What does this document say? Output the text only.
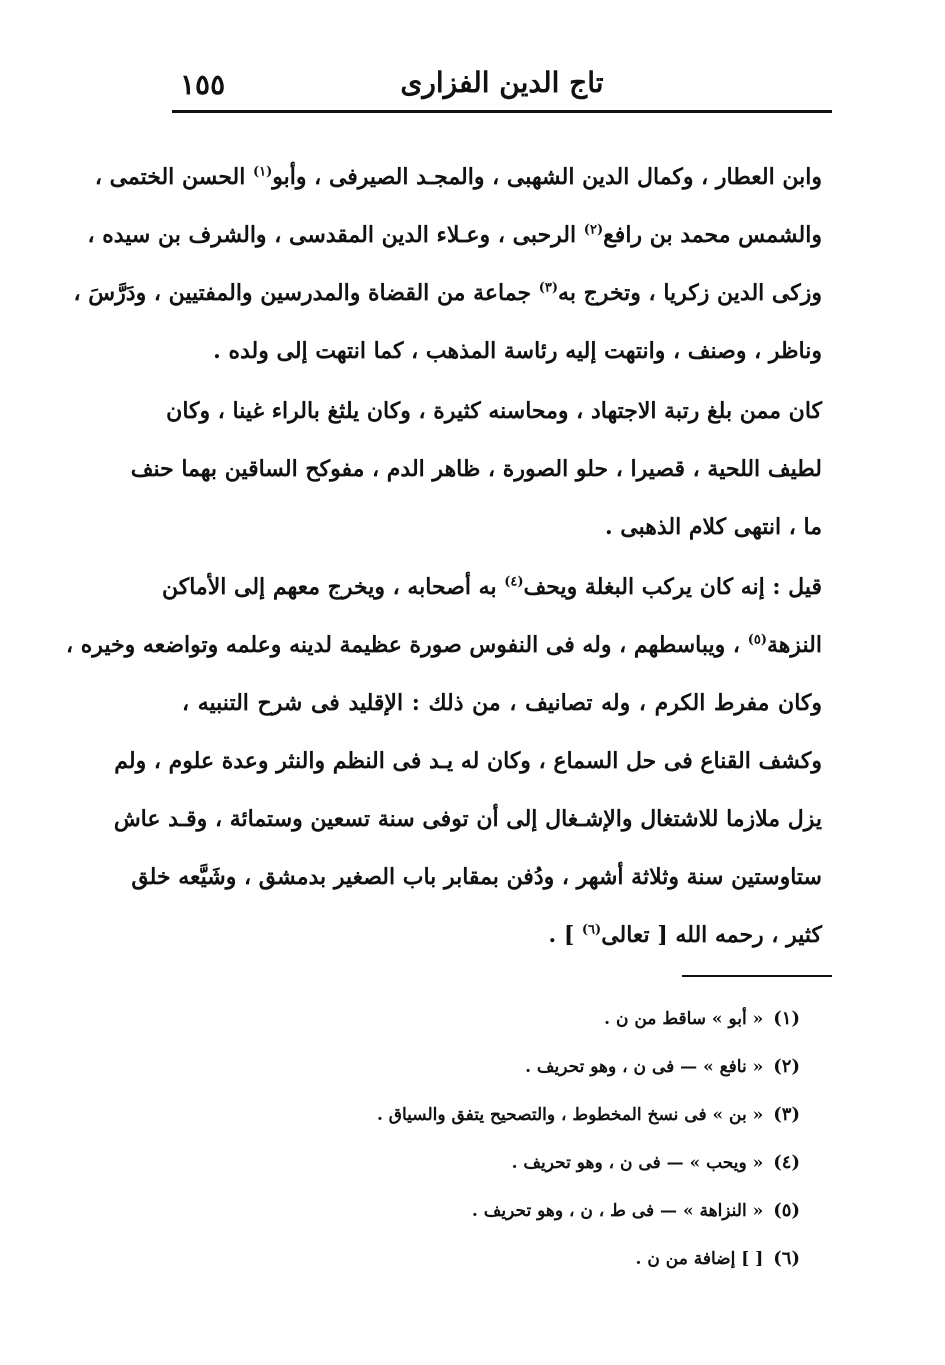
١٥٥	تاج الدين الفزارى
وابن العطار ، وكمال الدين الشهبى ، والمجـد الصيرفى ، وأبو$^{(١)}$ الحسن الختمى ،
والشمس محمد بن رافع$^{(٢)}$ الرحبى ، وعـلاء الدين المقدسى ، والشرف بن سيده ،
وزكى الدين زكريا ، وتخرج به$^{(٣)}$ جماعة من القضاة والمدرسين والمفتيين ، ودَرَّسَ ،
وناظر ، وصنف ، وانتهت إليه رئاسة المذهب ، كما انتهت إلى ولده .
كان ممن بلغ رتبة الاجتهاد ، ومحاسنه كثيرة ، وكان يلثغ بالراء غينا ، وكان
لطيف اللحية ، قصيرا ، حلو الصورة ، ظاهر الدم ، مفوكح الساقين بهما حنف
ما ، انتهى كلام الذهبى .
قيل : إنه كان يركب البغلة ويحف$^{(٤)}$ به أصحابه ، ويخرج معهم إلى الأماكن
النزهة$^{(٥)}$ ، ويباسطهم ، وله فى النفوس صورة عظيمة لدينه وعلمه وتواضعه وخيره ،
وكان مفرط الكرم ، وله تصانيف ، من ذلك : الإقليد فى شرح التنبيه ،
وكشف القناع فى حل السماع ، وكان له يـد فى النظم والنثر وعدة علوم ، ولم
يزل ملازما للاشتغال والإشـغال إلى أن توفى سنة تسعين وستمائة ، وقـد عاش
ستاوستين سنة وثلاثة أشهر ، ودُفن بمقابر باب الصغير بدمشق ، وشَيَّعه خلق
كثير ، رحمه الله [ تعالى$^{(٦)}$ ] .
(١)« أبو » ساقط من ن .
(٢)« نافع » — فى ن ، وهو تحريف .
(٣)« بن » فى نسخ المخطوط ، والتصحيح يتفق والسياق .
(٤)« ويحب » — فى ن ، وهو تحريف .
(٥)« النزاهة » — فى ط ، ن ، وهو تحريف .
(٦)[ ] إضافة من ن .
